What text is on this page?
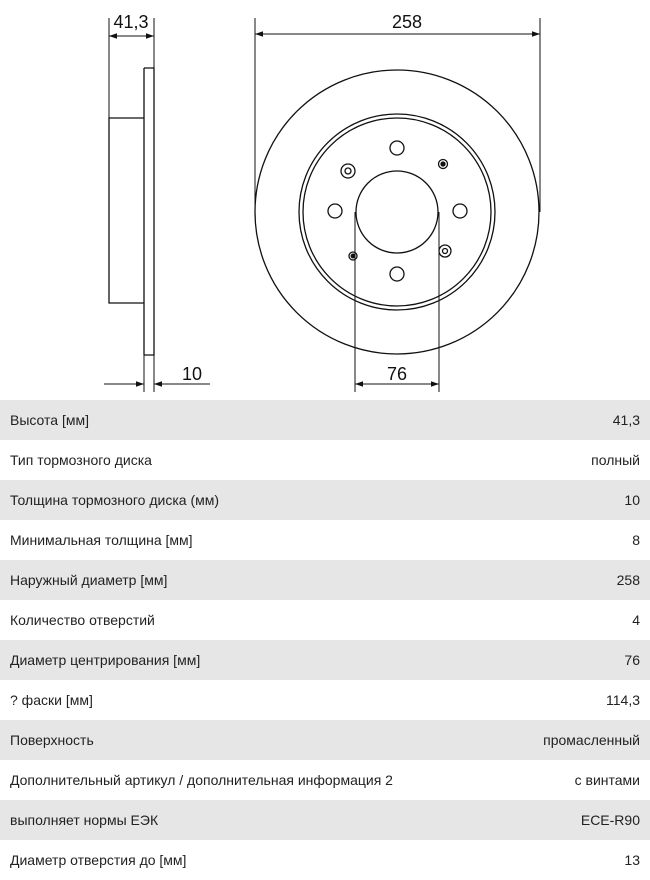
41,3
10
258
76
Высота [мм]	41,3
Тип тормозного диска	полный
Толщина тормозного диска (мм)	10
Минимальная толщина [мм]	8
Наружный диаметр [мм]	258
Количество отверстий	4
Диаметр центрирования [мм]	76
? фаски [мм]	114,3
Поверхность	промасленный
Дополнительный артикул / дополнительная информация 2	с винтами
выполняет нормы ЕЭК	ECE-R90
Диаметр отверстия до [мм]	13
